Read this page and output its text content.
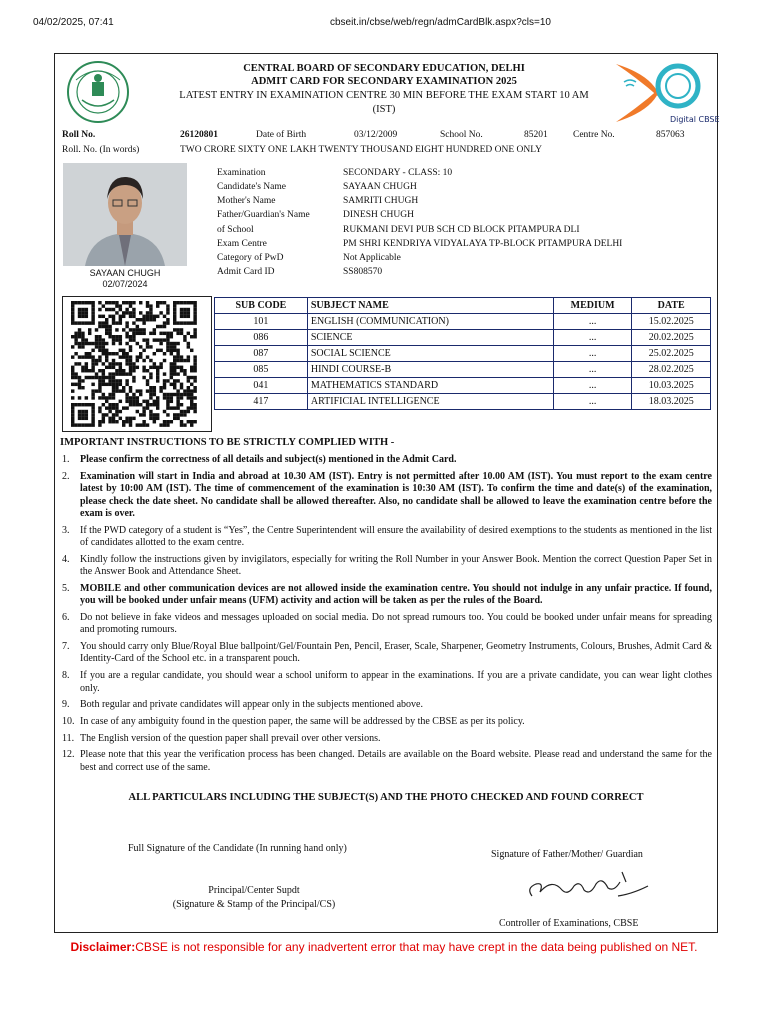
04/02/2025, 07:41	cbseit.in/cbse/web/regn/admCardBlk.aspx?cls=10
Digital CBSE
CENTRAL BOARD OF SECONDARY EDUCATION, DELHI
ADMIT CARD FOR SECONDARY EXAMINATION 2025
LATEST ENTRY IN EXAMINATION CENTRE 30 MIN BEFORE THE EXAM START 10 AM
(IST)
Roll No.	26120801	Date of Birth	03/12/2009	School No.	85201	Centre No.	857063
Roll. No. (In words)	TWO CRORE SIXTY ONE LAKH TWENTY THOUSAND EIGHT HUNDRED ONE ONLY
SAYAAN CHUGH
02/07/2024
Examination	SECONDARY - CLASS: 10
Candidate's Name	SAYAAN CHUGH
Mother's Name	SAMRITI CHUGH
Father/Guardian's Name	DINESH CHUGH
of School	RUKMANI DEVI PUB SCH CD BLOCK PITAMPURA DLI
Exam Centre	PM SHRI KENDRIYA VIDYALAYA TP-BLOCK PITAMPURA DELHI
Category of PwD	Not Applicable
Admit Card ID	SS808570
SUB CODE	SUBJECT NAME	MEDIUM	DATE
101	ENGLISH (COMMUNICATION)	...	15.02.2025
086	SCIENCE	...	20.02.2025
087	SOCIAL SCIENCE	...	25.02.2025
085	HINDI COURSE-B	...	28.02.2025
041	MATHEMATICS STANDARD	...	10.03.2025
417	ARTIFICIAL INTELLIGENCE	...	18.03.2025
IMPORTANT INSTRUCTIONS TO BE STRICTLY COMPLIED WITH -
1. Please confirm the correctness of all details and subject(s) mentioned in the Admit Card.
2. Examination will start in India and abroad at 10.30 AM (IST). Entry is not permitted after 10.00 AM (IST). You must report to the exam centre latest by 10:00 AM (IST). The time of commencement of the examination is 10:30 AM (IST). To confirm the time and date(s) of the examination, please check the date sheet. No candidate shall be allowed thereafter. Also, no candidate shall be allowed to leave the examination centre before the exam is over.
3. If the PWD category of a student is “Yes”, the Centre Superintendent will ensure the availability of desired exemptions to the students as mentioned in the list of candidates allotted to the exam centre.
4. Kindly follow the instructions given by invigilators, especially for writing the Roll Number in your Answer Book. Mention the correct Question Paper Set in the Answer Book and Attendance Sheet.
5. MOBILE and other communication devices are not allowed inside the examination centre. You should not indulge in any unfair practice. If found, you will be booked under unfair means (UFM) activity and action will be taken as per the rules of the Board.
6. Do not believe in fake videos and messages uploaded on social media. Do not spread rumours too. You could be booked under unfair means for spreading and promoting rumours.
7. You should carry only Blue/Royal Blue ballpoint/Gel/Fountain Pen, Pencil, Eraser, Scale, Sharpener, Geometry Instruments, Colours, Brushes, Admit Card & Identity-Card of the School etc. in a transparent pouch.
8. If you are a regular candidate, you should wear a school uniform to appear in the examinations. If you are a private candidate, you can wear light clothes only.
9. Both regular and private candidates will appear only in the subjects mentioned above.
10. In case of any ambiguity found in the question paper, the same will be addressed by the CBSE as per its policy.
11. The English version of the question paper shall prevail over other versions.
12. Please note that this year the verification process has been changed. Details are available on the Board website. Please read and understand the same for the best and correct use of the same.
ALL PARTICULARS INCLUDING THE SUBJECT(S) AND THE PHOTO CHECKED AND FOUND CORRECT
Full Signature of the Candidate (In running hand only)
Signature of Father/Mother/ Guardian
Principal/Center Supdt
(Signature & Stamp of the Principal/CS)
Controller of Examinations, CBSE
Disclaimer:CBSE is not responsible for any inadvertent error that may have crept in the data being published on NET.
